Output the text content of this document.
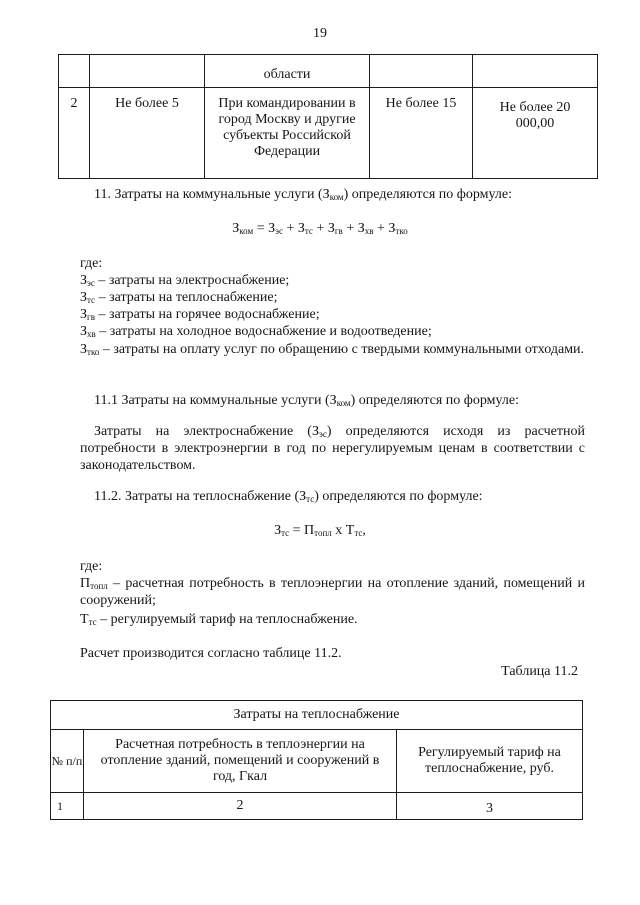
19
		области		
2	Не более 5	При командировании в город Москву и другие субъекты Российской Федерации	Не более 15	Не более 20 000,00
11. Затраты на коммунальные услуги $(З_{ком})$ определяются по формуле:
$З_{ком} = З_{эс} + З_{тс} + З_{гв} + З_{хв} + З_{тко}$
где:
$З_{эс}$ – затраты на электроснабжение;
$З_{тс}$ – затраты на теплоснабжение;
$З_{гв}$ – затраты на горячее водоснабжение;
$З_{хв}$ – затраты на холодное водоснабжение и водоотведение;
$З_{тко}$ – затраты на оплату услуг по обращению с твердыми коммунальными отходами.
11.1 Затраты на коммунальные услуги $(З_{ком})$ определяются по формуле:
Затраты на электроснабжение $(З_{эс})$ определяются исходя из расчетной потребности в электроэнергии в год по нерегулируемым ценам в соответствии с законодательством.
11.2. Затраты на теплоснабжение $(З_{тс})$ определяются по формуле:
$З_{тс} = П_{топл}$ x $Т_{тс}$,
где:
$П_{топл}$ – расчетная потребность в теплоэнергии на отопление зданий, помещений и сооружений;
$Т_{тс}$ – регулируемый тариф на теплоснабжение.
Расчет производится согласно таблице 11.2.
Таблица 11.2
Затраты на теплоснабжение		
№ п/п	Расчетная потребность в теплоэнергии на отопление зданий, помещений и сооружений в год, Гкал	Регулируемый тариф на теплоснабжение, руб.
1	2	3
